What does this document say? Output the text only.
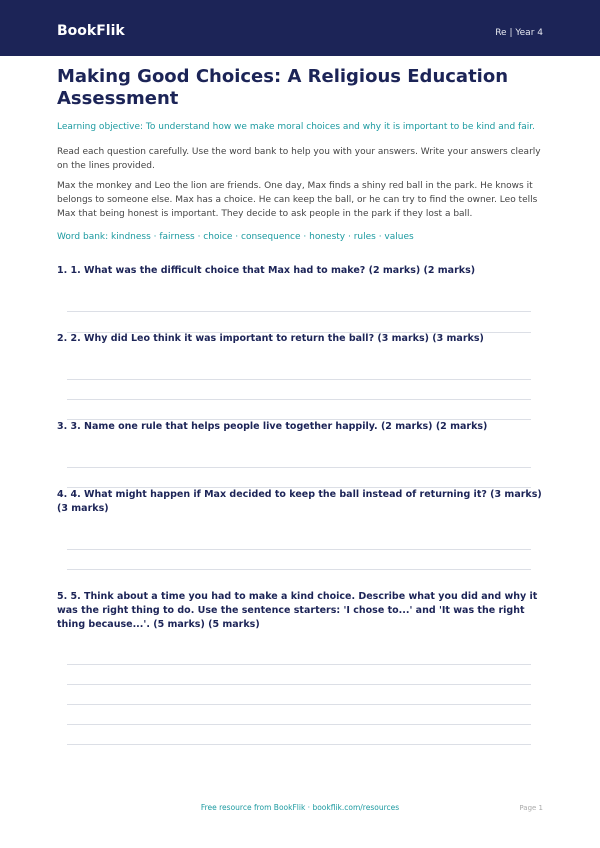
BookFlik	Re | Year 4
Making Good Choices: A Religious Education Assessment
Learning objective: To understand how we make moral choices and why it is important to be kind and fair.
Read each question carefully. Use the word bank to help you with your answers. Write your answers clearly on the lines provided.
Max the monkey and Leo the lion are friends. One day, Max finds a shiny red ball in the park. He knows it belongs to someone else. Max has a choice. He can keep the ball, or he can try to find the owner. Leo tells Max that being honest is important. They decide to ask people in the park if they lost a ball.
Word bank: kindness · fairness · choice · consequence · honesty · rules · values
1. 1. What was the difficult choice that Max had to make? (2 marks) (2 marks)
2. 2. Why did Leo think it was important to return the ball? (3 marks) (3 marks)
3. 3. Name one rule that helps people live together happily. (2 marks) (2 marks)
4. 4. What might happen if Max decided to keep the ball instead of returning it? (3 marks) (3 marks)
5. 5. Think about a time you had to make a kind choice. Describe what you did and why it was the right thing to do. Use the sentence starters: 'I chose to...' and 'It was the right thing because...'. (5 marks) (5 marks)
Free resource from BookFlik · bookflik.com/resources	Page 1
